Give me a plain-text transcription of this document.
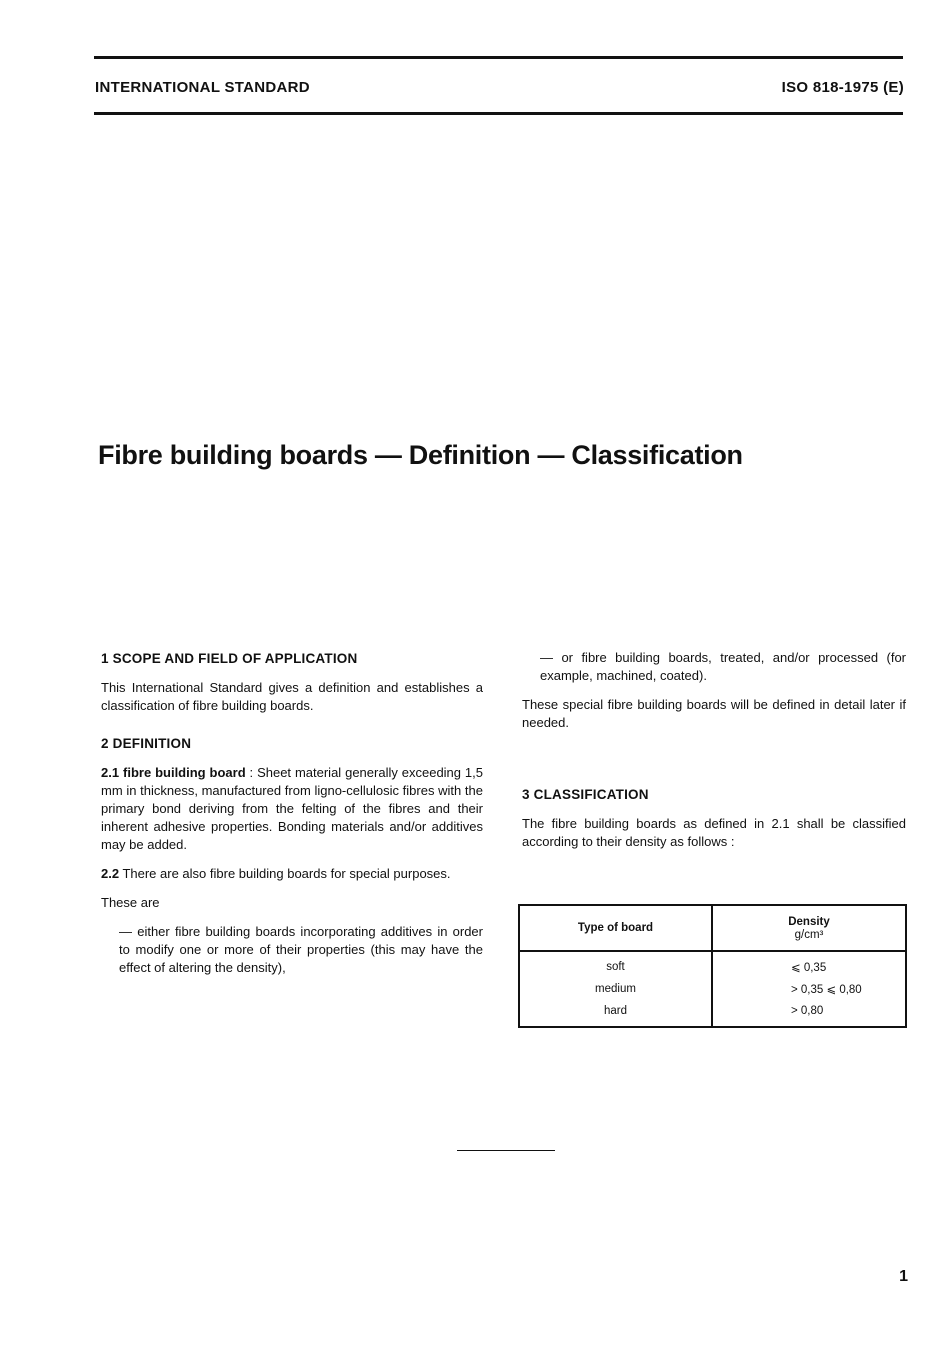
INTERNATIONAL STANDARD	ISO 818-1975 (E)
Fibre building boards — Definition — Classification

1 SCOPE AND FIELD OF APPLICATION

This International Standard gives a definition and establishes a classification of fibre building boards.

2 DEFINITION

2.1 fibre building board : Sheet material generally exceeding 1,5 mm in thickness, manufactured from ligno-cellulosic fibres with the primary bond deriving from the felting of the fibres and their inherent adhesive properties. Bonding materials and/or additives may be added.

2.2 There are also fibre building boards for special purposes.

These are

— either fibre building boards incorporating additives in order to modify one or more of their properties (this may have the effect of altering the density),

— or fibre building boards, treated, and/or processed (for example, machined, coated).

These special fibre building boards will be defined in detail later if needed.

3 CLASSIFICATION

The fibre building boards as defined in 2.1 shall be classified according to their density as follows :

Type of board	Density
g/cm³

soft	⩽ 0,35
medium	> 0,35 ⩽ 0,80
hard	> 0,80
1
